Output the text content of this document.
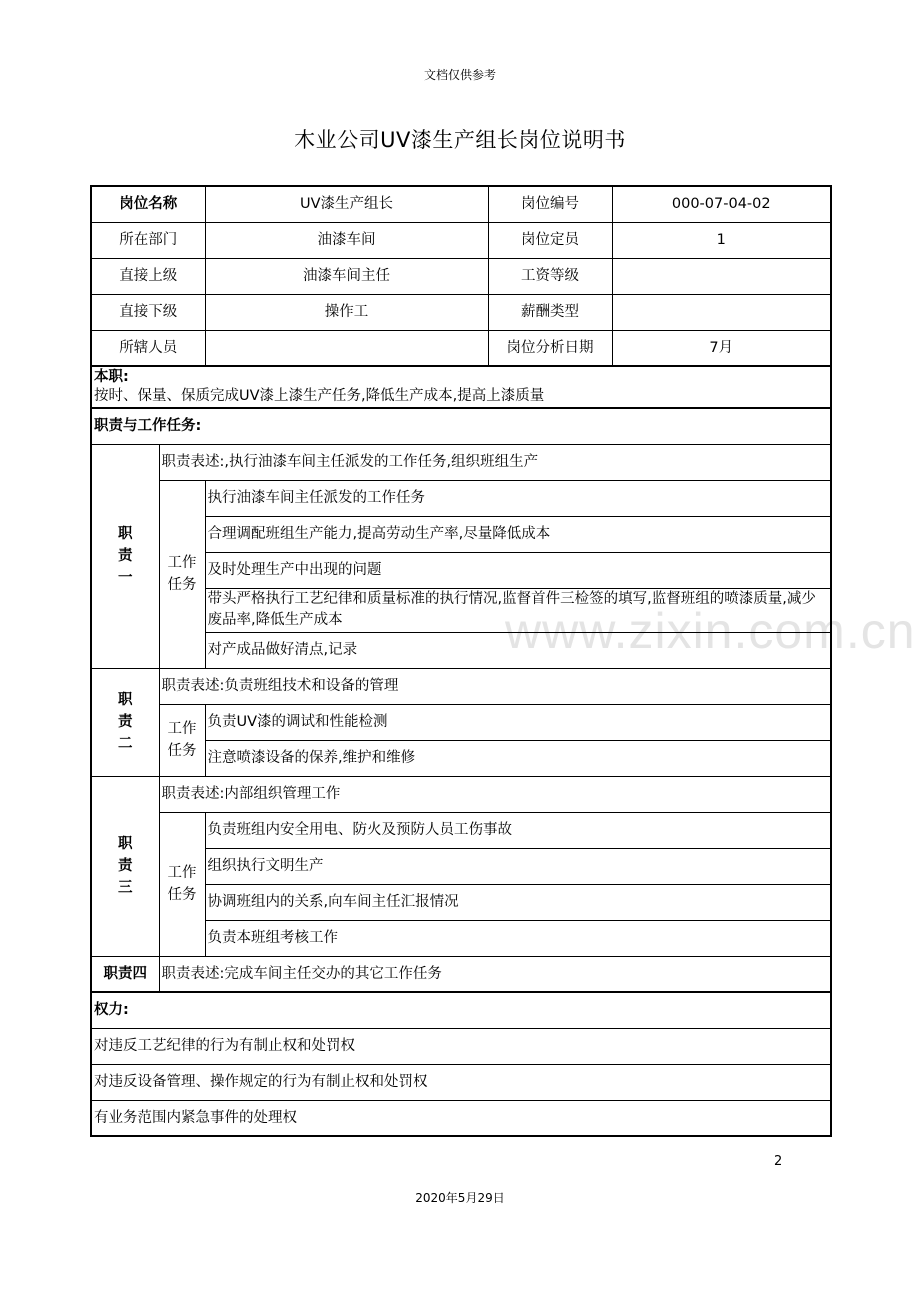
文档仅供参考
木业公司UV漆生产组长岗位说明书
www.zixin.com.cn
岗位名称		UV漆生产组长	岗位编号	000-07-04-02
所在部门		油漆车间	岗位定员	1
直接上级		油漆车间主任	工资等级	
直接下级		操作工	薪酬类型	
所辖人员			岗位分析日期	7月

本职:
按时、保量、保质完成UV漆上漆生产任务,降低生产成本,提高上漆质量				

职责与工作任务:				
职
责
一	职责表述:,执行油漆车间主任派发的工作任务,组织班组生产			
	工作
任务	执行油漆车间主任派发的工作任务		
		合理调配班组生产能力,提高劳动生产率,尽量降低成本		
		及时处理生产中出现的问题		
		带头严格执行工艺纪律和质量标准的执行情况,监督首件三检签的填写,监督班组的喷漆质量,减少废品率,降低生产成本		
		对产成品做好清点,记录		
职
责
二	职责表述:负责班组技术和设备的管理			
	工作
任务	负责UV漆的调试和性能检测		
		注意喷漆设备的保养,维护和维修		
职
责
三	职责表述:内部组织管理工作			
	工作
任务	负责班组内安全用电、防火及预防人员工伤事故		
		组织执行文明生产		
		协调班组内的关系,向车间主任汇报情况		
		负责本班组考核工作		
职责四	职责表述:完成车间主任交办的其它工作任务			
权力:				
对违反工艺纪律的行为有制止权和处罚权				
对违反设备管理、操作规定的行为有制止权和处罚权				
有业务范围内紧急事件的处理权				
2
2020年5月29日
